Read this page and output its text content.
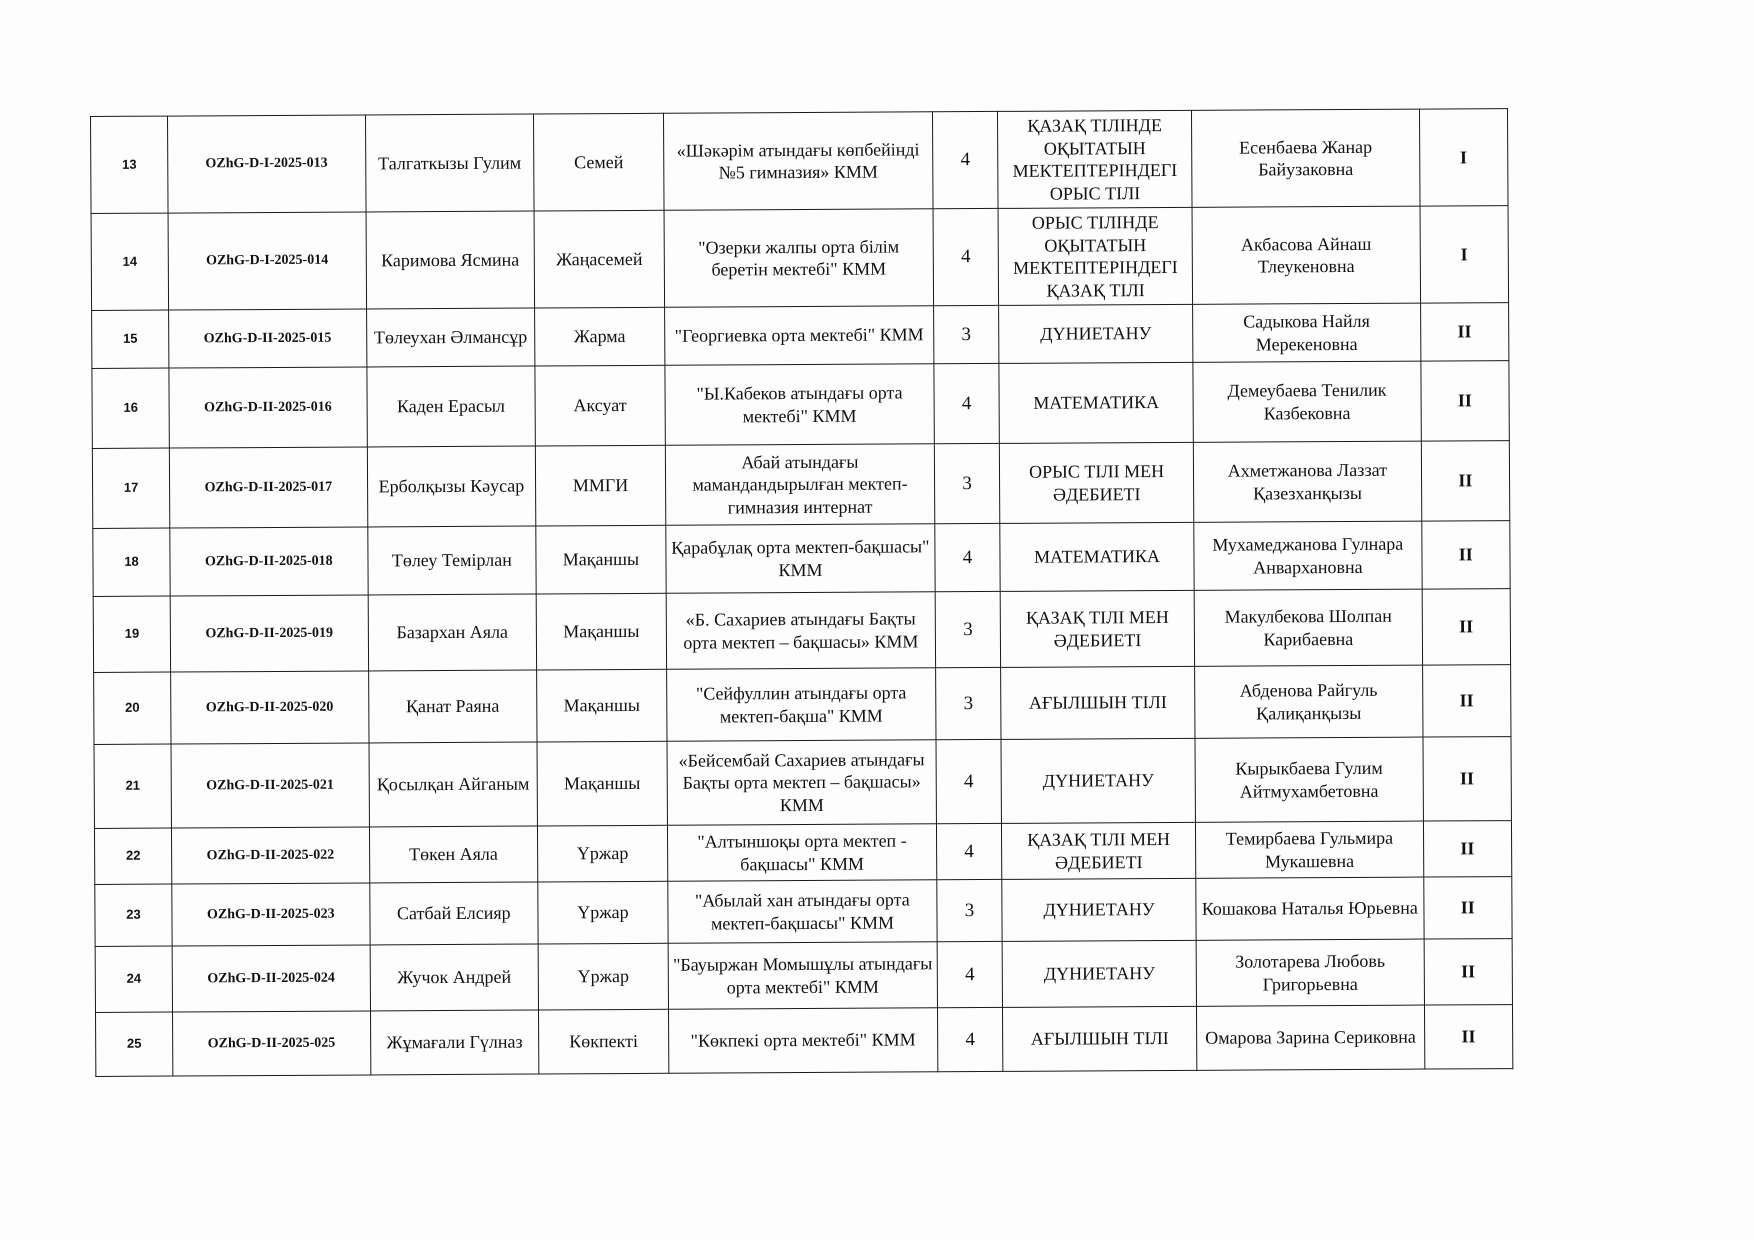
13	OZhG-D-I-2025-013	Талгаткызы Гулим	Семей	«Шәкәрім атындағы көпбейінді №5 гимназия» КММ	4	ҚАЗАҚ ТІЛІНДЕ ОҚЫТАТЫН МЕКТЕПТЕРІНДЕГІ ОРЫС ТІЛІ	Есенбаева Жанар Байузаковна	I
14	OZhG-D-I-2025-014	Каримова Ясмина	Жаңасемей	"Озерки жалпы орта білім беретін мектебі" КММ	4	ОРЫС ТІЛІНДЕ ОҚЫТАТЫН МЕКТЕПТЕРІНДЕГІ ҚАЗАҚ ТІЛІ	Акбасова Айнаш Тлеукеновна	I
15	OZhG-D-II-2025-015	Төлеухан Әлмансұр	Жарма	"Георгиевка орта мектебі" КММ	3	ДҮНИЕТАНУ	Садыкова Найля Мерекеновна	II
16	OZhG-D-II-2025-016	Каден Ерасыл	Аксуат	"Ы.Кабеков атындағы орта мектебі" КММ	4	МАТЕМАТИКА	Демеубаева Тенилик Казбековна	II
17	OZhG-D-II-2025-017	Ерболқызы Кәусар	ММГИ	Абай атындағы мамандандырылған мектеп-гимназия интернат	3	ОРЫС ТІЛІ МЕН ӘДЕБИЕТІ	Ахметжанова Лаззат Қазезханқызы	II
18	OZhG-D-II-2025-018	Төлеу Темірлан	Мақаншы	Қарабұлақ орта мектеп-бақшасы" КММ	4	МАТЕМАТИКА	Мухамеджанова Гулнара Анвархановна	II
19	OZhG-D-II-2025-019	Базархан Аяла	Мақаншы	«Б. Сахариев атындағы Бақты орта мектеп – бақшасы» КММ	3	ҚАЗАҚ ТІЛІ МЕН ӘДЕБИЕТІ	Макулбекова Шолпан Карибаевна	II
20	OZhG-D-II-2025-020	Қанат Раяна	Мақаншы	"Сейфуллин атындағы орта мектеп-бақша" КММ	3	АҒЫЛШЫН ТІЛІ	Абденова Райгуль Қалиқанқызы	II
21	OZhG-D-II-2025-021	Қосылқан Айганым	Мақаншы	«Бейсембай Сахариев атындағы Бақты орта мектеп – бақшасы» КММ	4	ДҮНИЕТАНУ	Кырыкбаева Гулим Айтмухамбетовна	II
22	OZhG-D-II-2025-022	Төкен Аяла	Үржар	"Алтыншоқы орта мектеп - бақшасы" КММ	4	ҚАЗАҚ ТІЛІ МЕН ӘДЕБИЕТІ	Темирбаева Гульмира Мукашевна	II
23	OZhG-D-II-2025-023	Сатбай Елсияр	Үржар	"Абылай хан атындағы орта мектеп-бақшасы" КММ	3	ДҮНИЕТАНУ	Кошакова Наталья Юрьевна	II
24	OZhG-D-II-2025-024	Жучок Андрей	Үржар	"Бауыржан Момышұлы атындағы орта мектебі" КММ	4	ДҮНИЕТАНУ	Золотарева Любовь Григорьевна	II
25	OZhG-D-II-2025-025	Жұмағали Гүлназ	Көкпекті	"Көкпекі орта мектебі" КММ	4	АҒЫЛШЫН ТІЛІ	Омарова Зарина Сериковна	II
